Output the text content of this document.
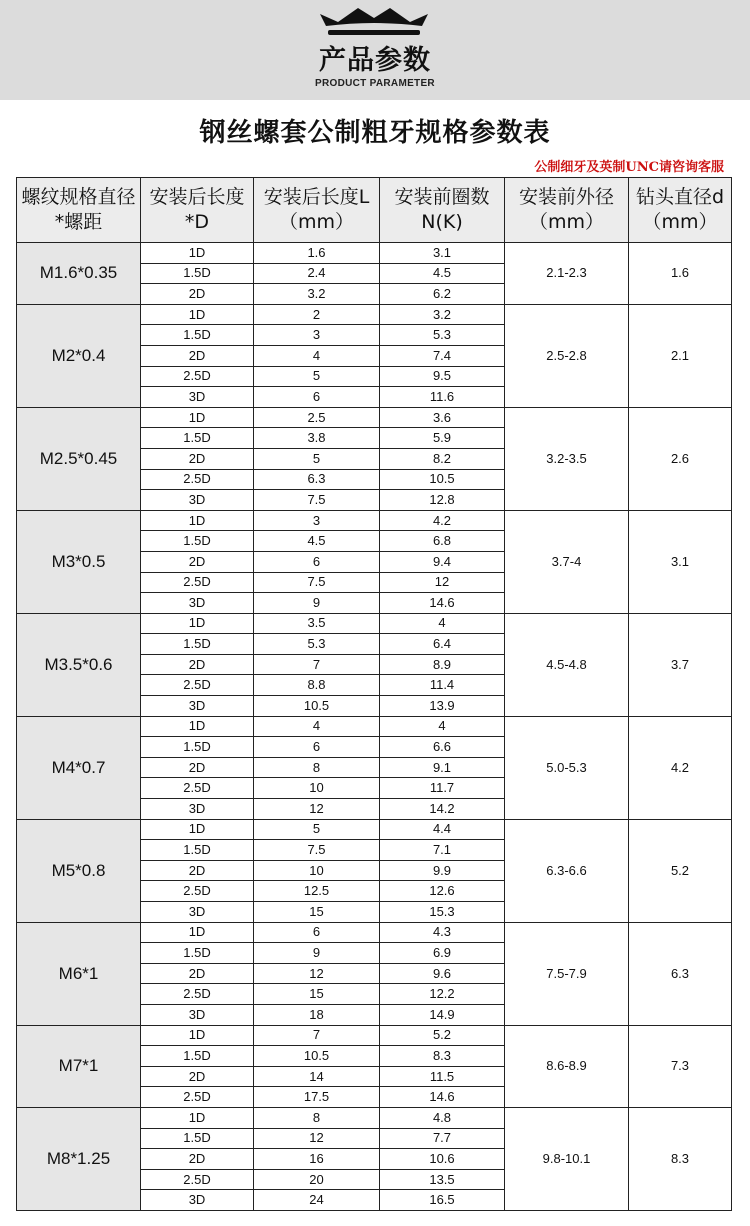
产品参数
PRODUCT PARAMETER
钢丝螺套公制粗牙规格参数表
公制细牙及英制UNC请咨询客服
螺纹规格直径*螺距	安装后长度*D	安装后长度L（mm）	安装前圈数N(K)	安装前外径（mm）	钻头直径d（mm）
M1.6*0.35	1D	1.6	3.1	2.1-2.3	1.6
	1.5D	2.4	4.5		
	2D	3.2	6.2		
M2*0.4	1D	2	3.2	2.5-2.8	2.1
	1.5D	3	5.3		
	2D	4	7.4		
	2.5D	5	9.5		
	3D	6	11.6		
M2.5*0.45	1D	2.5	3.6	3.2-3.5	2.6
	1.5D	3.8	5.9		
	2D	5	8.2		
	2.5D	6.3	10.5		
	3D	7.5	12.8		
M3*0.5	1D	3	4.2	3.7-4	3.1
	1.5D	4.5	6.8		
	2D	6	9.4		
	2.5D	7.5	12		
	3D	9	14.6		
M3.5*0.6	1D	3.5	4	4.5-4.8	3.7
	1.5D	5.3	6.4		
	2D	7	8.9		
	2.5D	8.8	11.4		
	3D	10.5	13.9		
M4*0.7	1D	4	4	5.0-5.3	4.2
	1.5D	6	6.6		
	2D	8	9.1		
	2.5D	10	11.7		
	3D	12	14.2		
M5*0.8	1D	5	4.4	6.3-6.6	5.2
	1.5D	7.5	7.1		
	2D	10	9.9		
	2.5D	12.5	12.6		
	3D	15	15.3		
M6*1	1D	6	4.3	7.5-7.9	6.3
	1.5D	9	6.9		
	2D	12	9.6		
	2.5D	15	12.2		
	3D	18	14.9		
M7*1	1D	7	5.2	8.6-8.9	7.3
	1.5D	10.5	8.3		
	2D	14	11.5		
	2.5D	17.5	14.6		
M8*1.25	1D	8	4.8	9.8-10.1	8.3
	1.5D	12	7.7		
	2D	16	10.6		
	2.5D	20	13.5		
	3D	24	16.5		
